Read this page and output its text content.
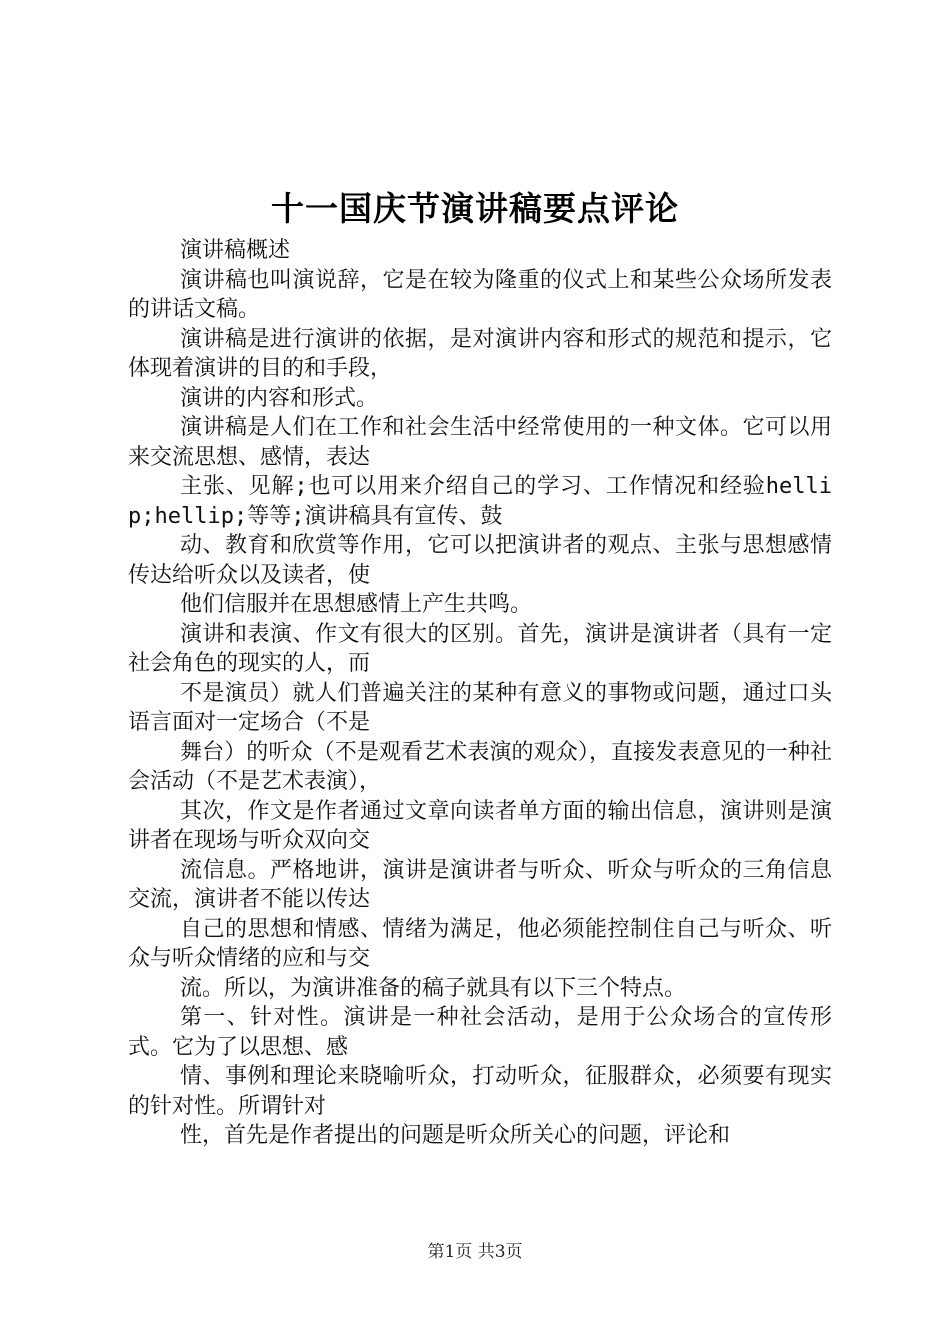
十一国庆节演讲稿要点评论

演讲稿概述

演讲稿也叫演说辞，它是在较为隆重的仪式上和某些公众场所发表的讲话文稿。

演讲稿是进行演讲的依据，是对演讲内容和形式的规范和提示，它体现着演讲的目的和手段，

演讲的内容和形式。

演讲稿是人们在工作和社会生活中经常使用的一种文体。它可以用来交流思想、感情，表达

主张、见解;也可以用来介绍自己的学习、工作情况和经验hellip;hellip;等等;演讲稿具有宣传、鼓

动、教育和欣赏等作用，它可以把演讲者的观点、主张与思想感情传达给听众以及读者，使

他们信服并在思想感情上产生共鸣。

演讲和表演、作文有很大的区别。首先，演讲是演讲者（具有一定社会角色的现实的人，而

不是演员）就人们普遍关注的某种有意义的事物或问题，通过口头语言面对一定场合（不是

舞台）的听众（不是观看艺术表演的观众），直接发表意见的一种社会活动（不是艺术表演），

其次，作文是作者通过文章向读者单方面的输出信息，演讲则是演讲者在现场与听众双向交

流信息。严格地讲，演讲是演讲者与听众、听众与听众的三角信息交流，演讲者不能以传达

自己的思想和情感、情绪为满足，他必须能控制住自己与听众、听众与听众情绪的应和与交

流。所以，为演讲准备的稿子就具有以下三个特点。

第一、针对性。演讲是一种社会活动，是用于公众场合的宣传形式。它为了以思想、感

情、事例和理论来晓喻听众，打动听众，征服群众，必须要有现实的针对性。所谓针对

性，首先是作者提出的问题是听众所关心的问题，评论和

第1页 共3页
